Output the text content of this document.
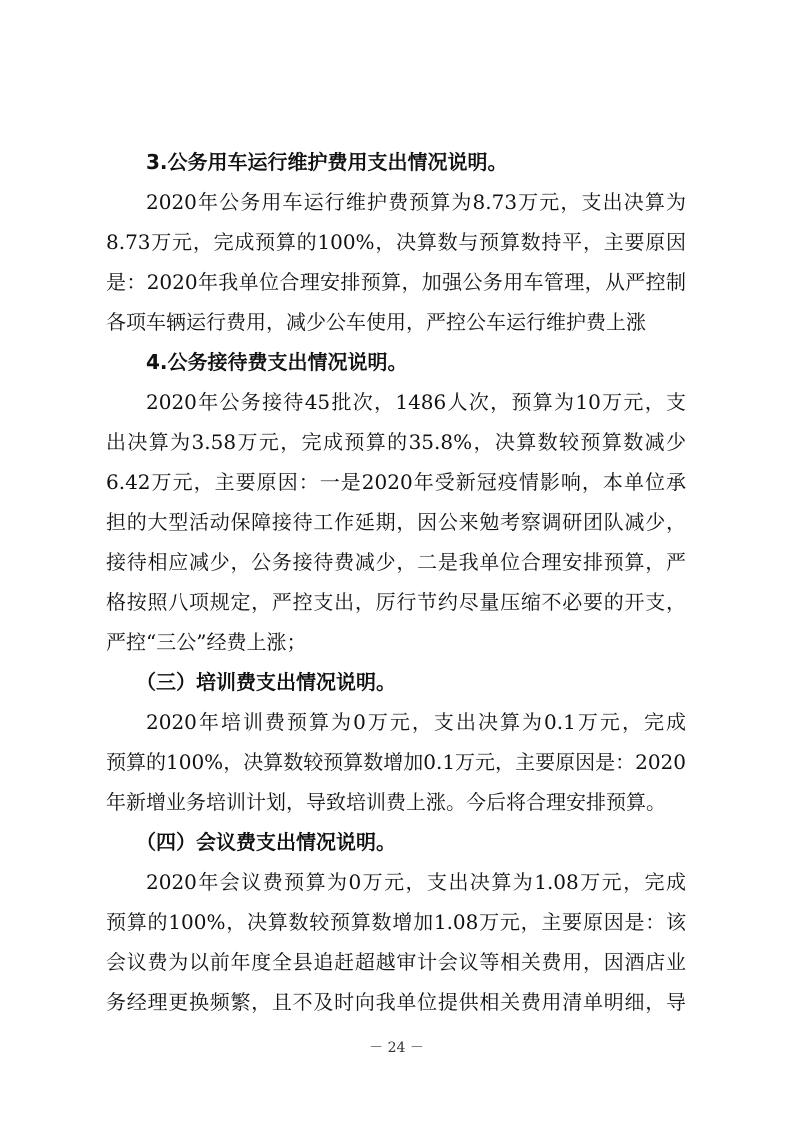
3.公务用车运行维护费用支出情况说明。
2020年公务用车运行维护费预算为8.73万元，支出决算为
8.73万元，完成预算的100%，决算数与预算数持平，主要原因
是：2020年我单位合理安排预算，加强公务用车管理，从严控制
各项车辆运行费用，减少公车使用，严控公车运行维护费上涨
4.公务接待费支出情况说明。
2020年公务接待45批次，1486人次，预算为10万元，支
出决算为3.58万元，完成预算的35.8%，决算数较预算数减少
6.42万元，主要原因：一是2020年受新冠疫情影响，本单位承
担的大型活动保障接待工作延期，因公来勉考察调研团队减少，
接待相应减少，公务接待费减少，二是我单位合理安排预算，严
格按照八项规定，严控支出，厉行节约尽量压缩不必要的开支，
严控“三公”经费上涨；
（三）培训费支出情况说明。
2020年培训费预算为0万元，支出决算为0.1万元，完成
预算的100%，决算数较预算数增加0.1万元，主要原因是：2020
年新增业务培训计划，导致培训费上涨。今后将合理安排预算。
（四）会议费支出情况说明。
2020年会议费预算为0万元，支出决算为1.08万元，完成
预算的100%，决算数较预算数增加1.08万元，主要原因是：该
会议费为以前年度全县追赶超越审计会议等相关费用，因酒店业
务经理更换频繁，且不及时向我单位提供相关费用清单明细，导
－ 24 －
